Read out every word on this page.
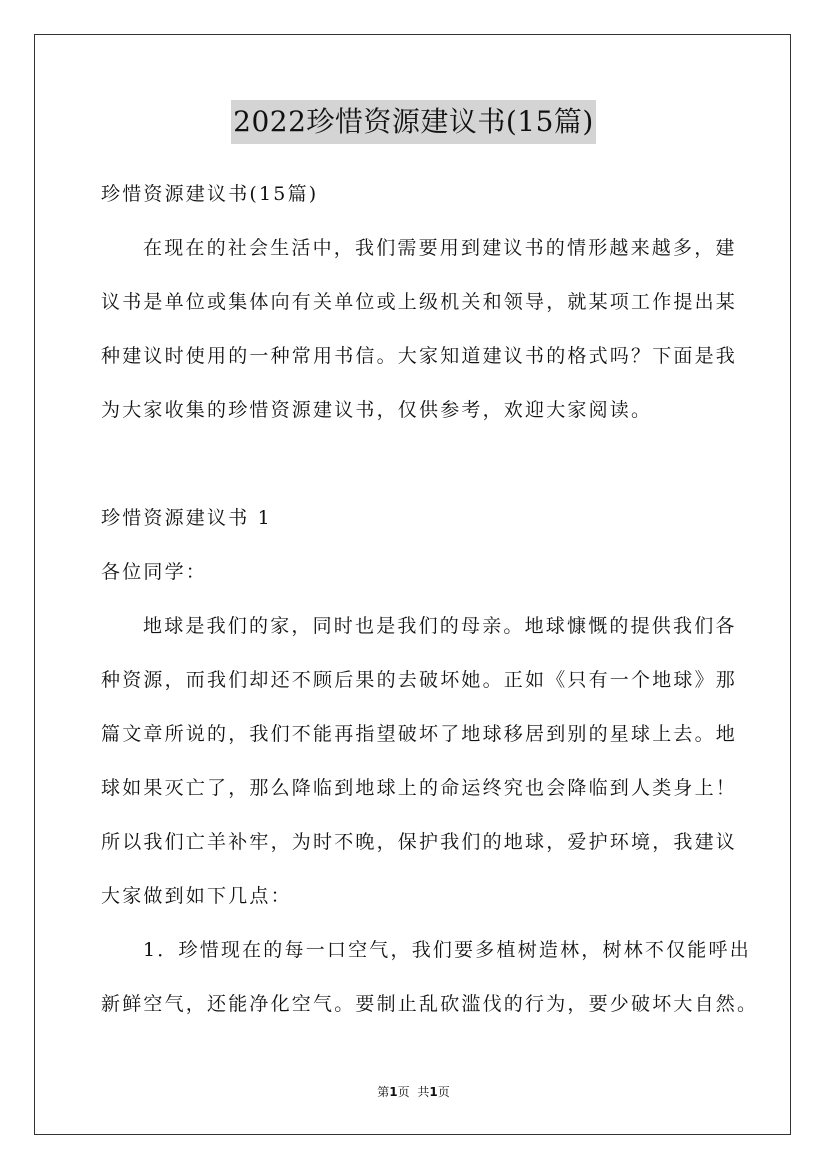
2022珍惜资源建议书(15篇)
珍惜资源建议书(15篇)
在现在的社会生活中，我们需要用到建议书的情形越来越多，建
议书是单位或集体向有关单位或上级机关和领导，就某项工作提出某
种建议时使用的一种常用书信。大家知道建议书的格式吗？下面是我
为大家收集的珍惜资源建议书，仅供参考，欢迎大家阅读。
珍惜资源建议书 1
各位同学：
地球是我们的家，同时也是我们的母亲。地球慷慨的提供我们各
种资源，而我们却还不顾后果的去破坏她。正如《只有一个地球》那
篇文章所说的，我们不能再指望破坏了地球移居到别的星球上去。地
球如果灭亡了，那么降临到地球上的命运终究也会降临到人类身上！
所以我们亡羊补牢，为时不晚，保护我们的地球，爱护环境，我建议
大家做到如下几点：
1．珍惜现在的每一口空气，我们要多植树造林，树林不仅能呼出
新鲜空气，还能净化空气。要制止乱砍滥伐的行为，要少破坏大自然。
第1页 共1页
